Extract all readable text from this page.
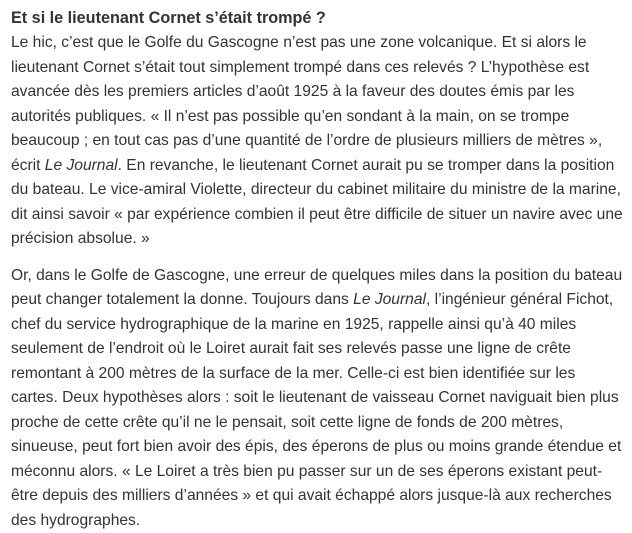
Et si le lieutenant Cornet s’était trompé ?

Le hic, c’est que le Golfe du Gascogne n’est pas une zone volcanique. Et si alors le lieutenant Cornet s’était tout simplement trompé dans ces relevés ? L’hypothèse est avancée dès les premiers articles d’août 1925 à la faveur des doutes émis par les autorités publiques. « Il n’est pas possible qu’en sondant à la main, on se trompe beaucoup ; en tout cas pas d’une quantité de l’ordre de plusieurs milliers de mètres », écrit Le Journal. En revanche, le lieutenant Cornet aurait pu se tromper dans la position du bateau. Le vice-amiral Violette, directeur du cabinet militaire du ministre de la marine, dit ainsi savoir « par expérience combien il peut être difficile de situer un navire avec une précision absolue. »

Or, dans le Golfe de Gascogne, une erreur de quelques miles dans la position du bateau peut changer totalement la donne. Toujours dans Le Journal, l’ingénieur général Fichot, chef du service hydrographique de la marine en 1925, rappelle ainsi qu’à 40 miles seulement de l’endroit où le Loiret aurait fait ses relevés passe une ligne de crête remontant à 200 mètres de la surface de la mer. Celle-ci est bien identifiée sur les cartes. Deux hypothèses alors : soit le lieutenant de vaisseau Cornet naviguait bien plus proche de cette crête qu’il ne le pensait, soit cette ligne de fonds de 200 mètres, sinueuse, peut fort bien avoir des épis, des éperons de plus ou moins grande étendue et méconnu alors. « Le Loiret a très bien pu passer sur un de ses éperons existant peut-être depuis des milliers d’années » et qui avait échappé alors jusque-là aux recherches des hydrographes.
